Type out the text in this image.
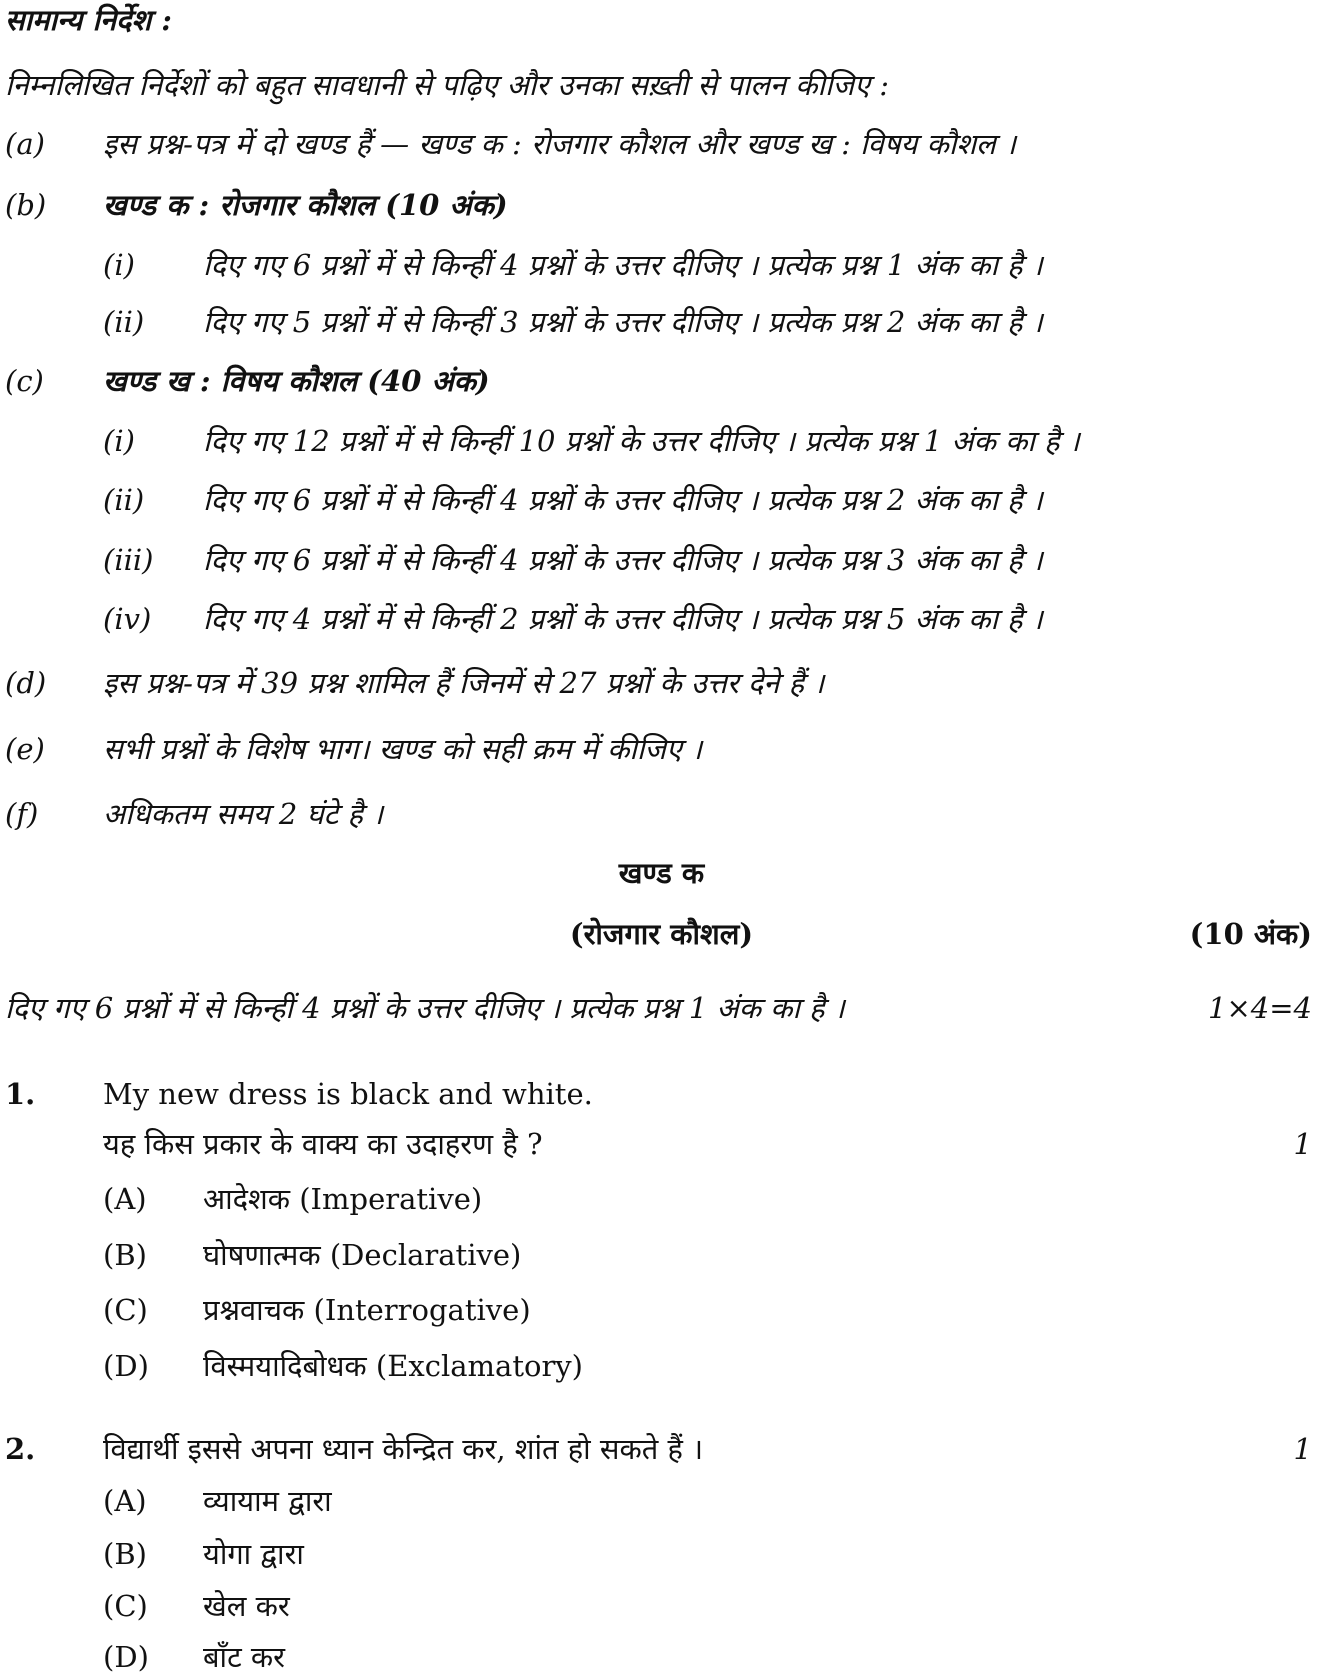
सामान्य निर्देश :
निम्नलिखित निर्देशों को बहुत सावधानी से पढ़िए और उनका सख़्ती से पालन कीजिए :
(a) इस प्रश्न-पत्र में दो खण्ड हैं — खण्ड क : रोजगार कौशल और खण्ड ख : विषय कौशल ।
(b) खण्ड क : रोजगार कौशल (10 अंक)
(i) दिए गए 6 प्रश्नों में से किन्हीं 4 प्रश्नों के उत्तर दीजिए । प्रत्येक प्रश्न 1 अंक का है ।
(ii) दिए गए 5 प्रश्नों में से किन्हीं 3 प्रश्नों के उत्तर दीजिए । प्रत्येक प्रश्न 2 अंक का है ।
(c) खण्ड ख : विषय कौशल (40 अंक)
(i) दिए गए 12 प्रश्नों में से किन्हीं 10 प्रश्नों के उत्तर दीजिए । प्रत्येक प्रश्न 1 अंक का है ।
(ii) दिए गए 6 प्रश्नों में से किन्हीं 4 प्रश्नों के उत्तर दीजिए । प्रत्येक प्रश्न 2 अंक का है ।
(iii) दिए गए 6 प्रश्नों में से किन्हीं 4 प्रश्नों के उत्तर दीजिए । प्रत्येक प्रश्न 3 अंक का है ।
(iv) दिए गए 4 प्रश्नों में से किन्हीं 2 प्रश्नों के उत्तर दीजिए । प्रत्येक प्रश्न 5 अंक का है ।
(d) इस प्रश्न-पत्र में 39 प्रश्न शामिल हैं जिनमें से 27 प्रश्नों के उत्तर देने हैं ।
(e) सभी प्रश्नों के विशेष भाग। खण्ड को सही क्रम में कीजिए ।
(f) अधिकतम समय 2 घंटे है ।
खण्ड क
(रोजगार कौशल)	(10 अंक)
दिए गए 6 प्रश्नों में से किन्हीं 4 प्रश्नों के उत्तर दीजिए । प्रत्येक प्रश्न 1 अंक का है ।	1×4=4
1. My new dress is black and white.
यह किस प्रकार के वाक्य का उदाहरण है ?	1
(A) आदेशक (Imperative)
(B) घोषणात्मक (Declarative)
(C) प्रश्नवाचक (Interrogative)
(D) विस्मयादिबोधक (Exclamatory)
2. विद्यार्थी इससे अपना ध्यान केन्द्रित कर, शांत हो सकते हैं ।	1
(A) व्यायाम द्वारा
(B) योगा द्वारा
(C) खेल कर
(D) बाँट कर
